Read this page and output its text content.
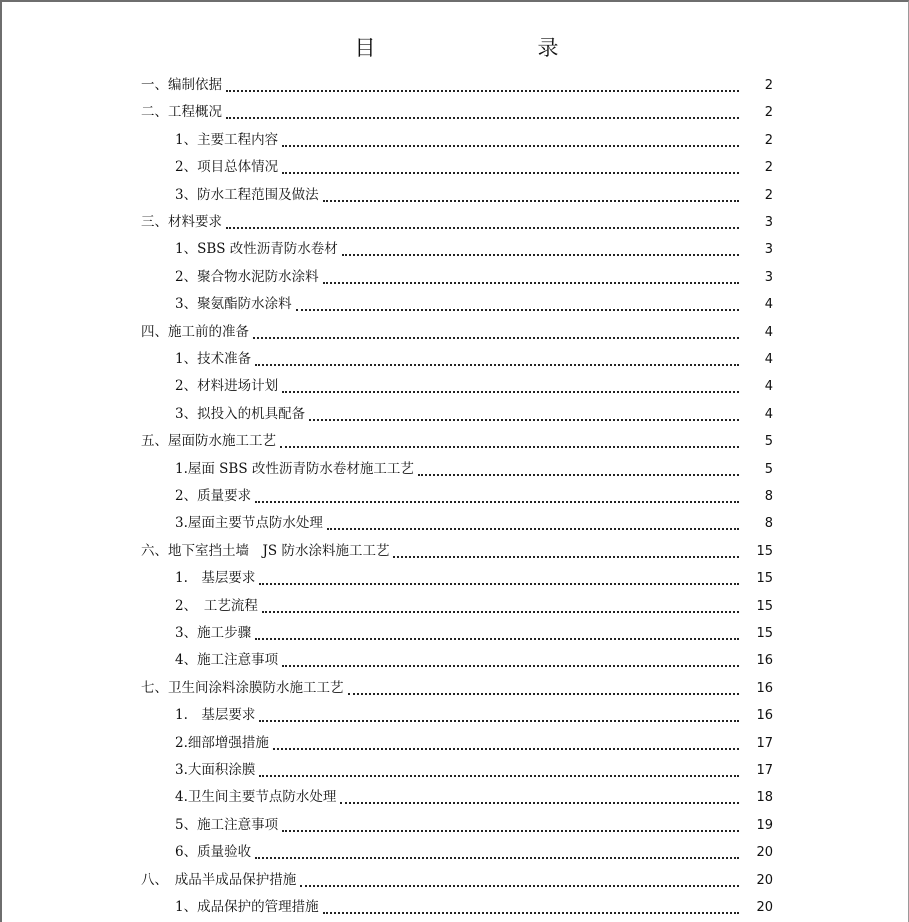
目　　录
一、编制依据	2
二、工程概况	2
1、主要工程内容	2
2、项目总体情况	2
3、防水工程范围及做法	2
三、材料要求	3
1、SBS 改性沥青防水卷材	3
2、聚合物水泥防水涂料	3
3、聚氨酯防水涂料	4
四、施工前的准备	4
1、技术准备	4
2、材料进场计划	4
3、拟投入的机具配备	4
五、屋面防水施工工艺	5
1.屋面 SBS 改性沥青防水卷材施工工艺	5
2、质量要求	8
3.屋面主要节点防水处理	8
六、地下室挡土墙　JS 防水涂料施工工艺	15
1.　基层要求	15
2、　工艺流程	15
3、施工步骤	15
4、施工注意事项	16
七、卫生间涂料涂膜防水施工工艺	16
1.　基层要求	16
2.细部增强措施	17
3.大面积涂膜	17
4.卫生间主要节点防水处理	18
5、施工注意事项	19
6、质量验收	20
八、　成品半成品保护措施	20
1、成品保护的管理措施	20
